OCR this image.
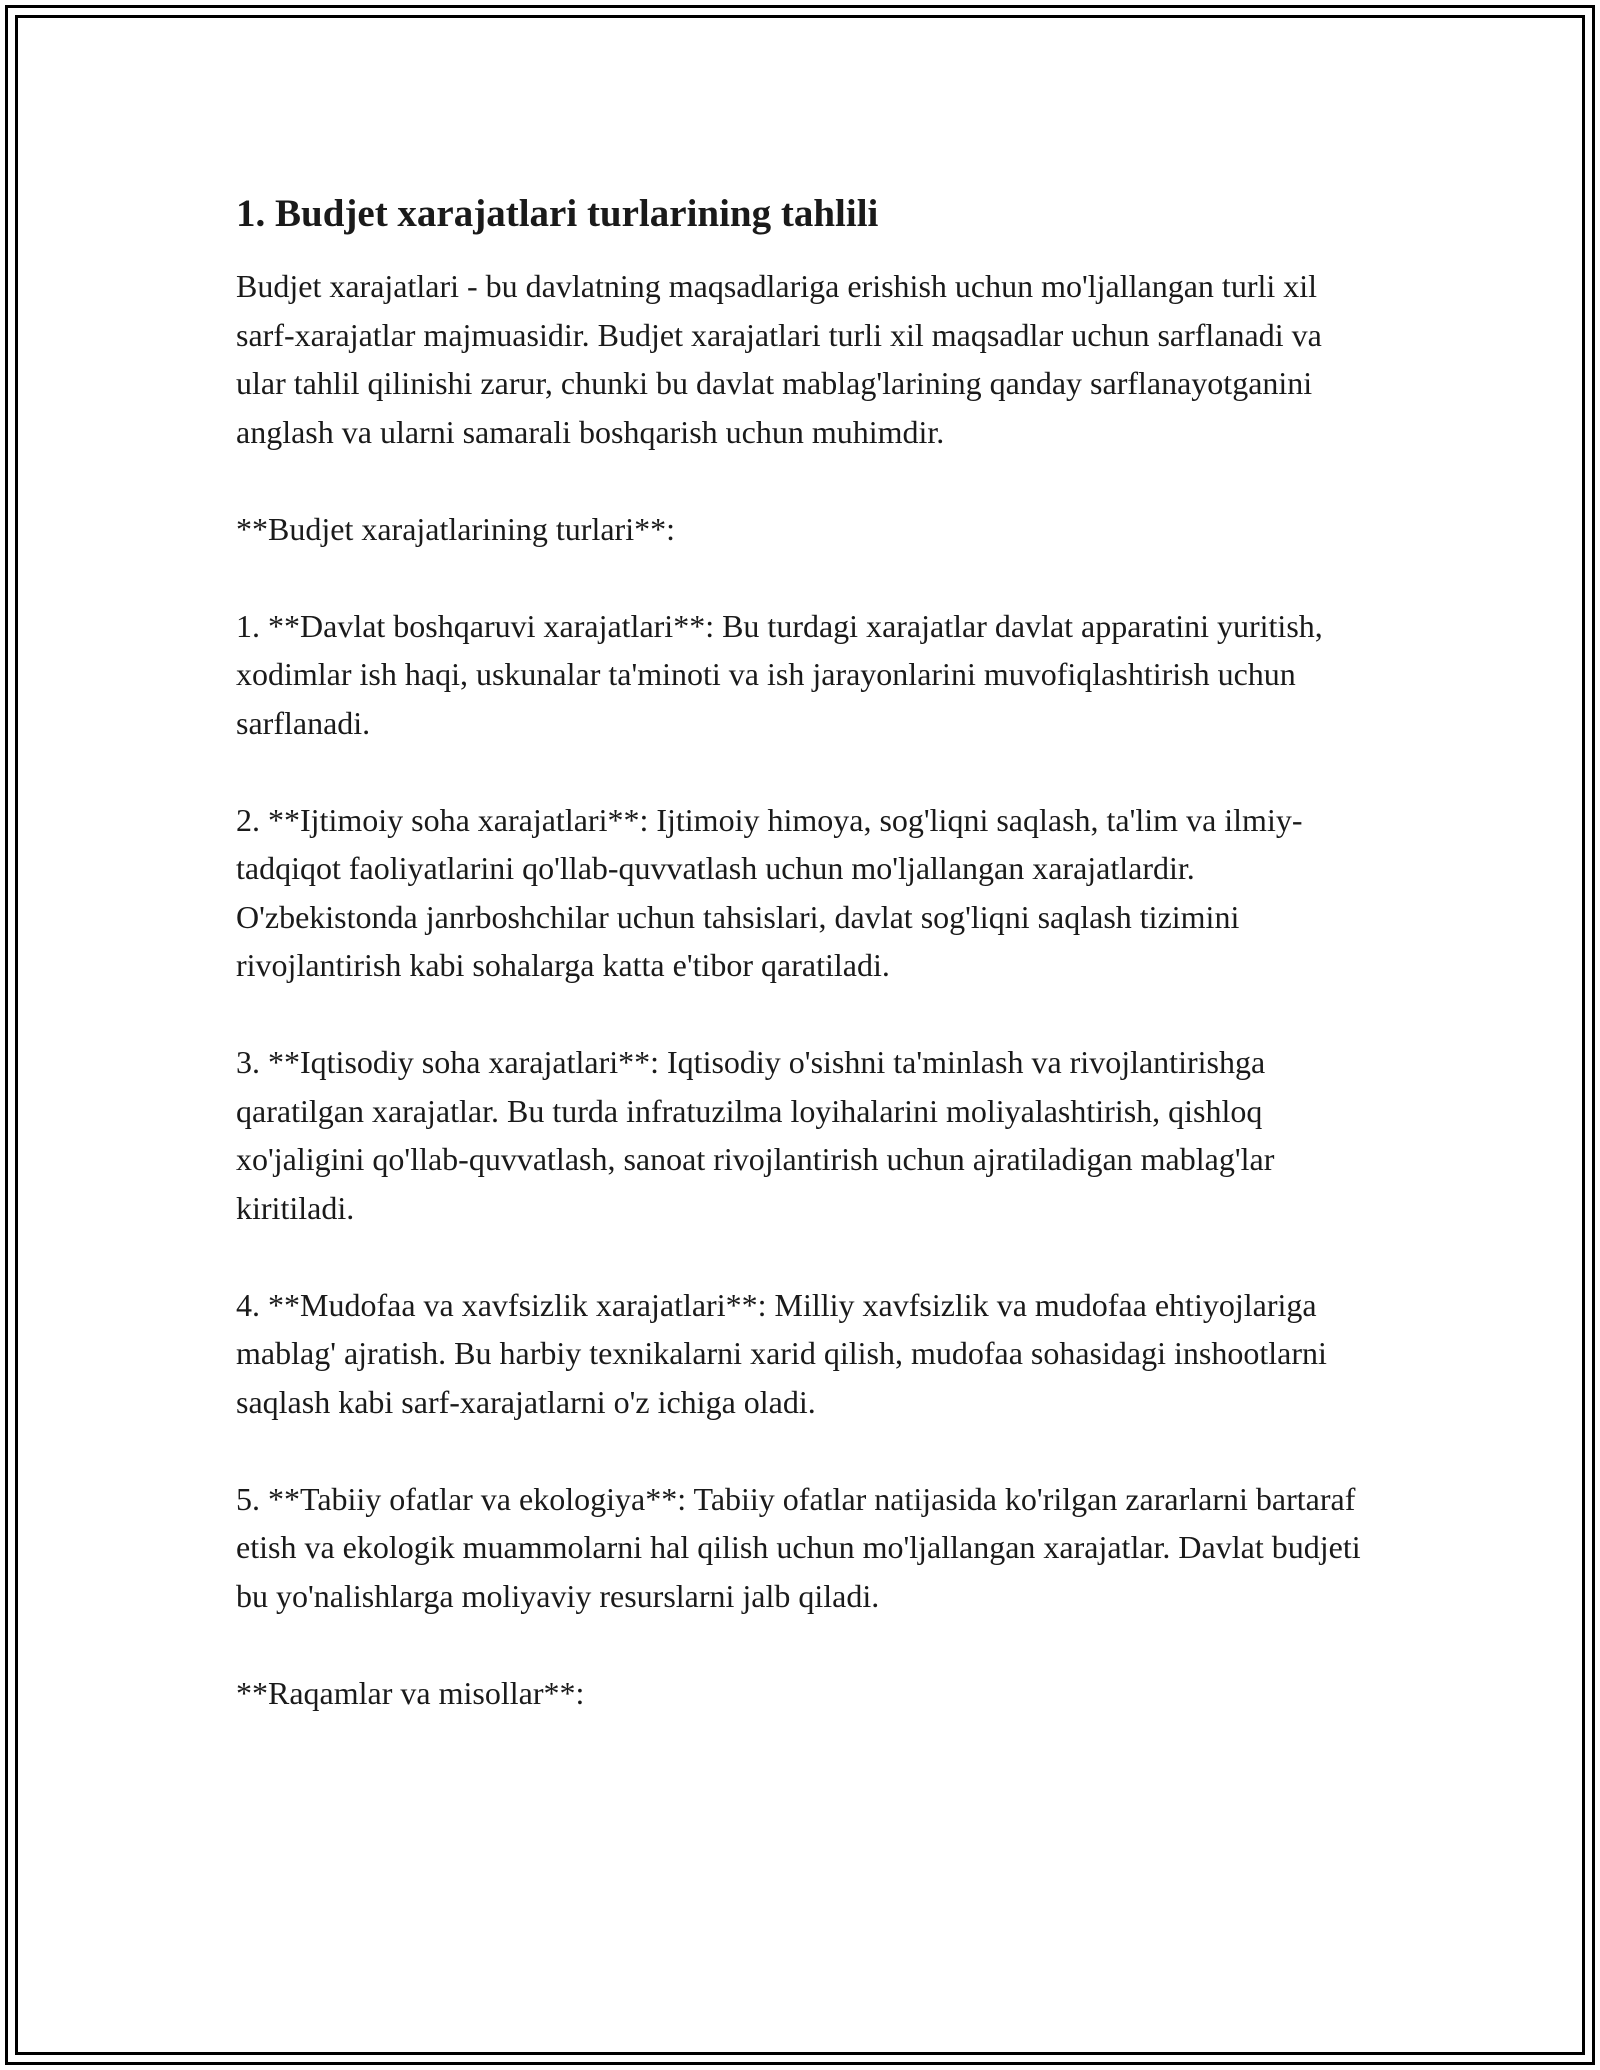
1. Budjet xarajatlari turlarining tahlili

Budjet xarajatlari - bu davlatning maqsadlariga erishish uchun mo'ljallangan turli xil sarf-xarajatlar majmuasidir. Budjet xarajatlari turli xil maqsadlar uchun sarflanadi va ular tahlil qilinishi zarur, chunki bu davlat mablag'larining qanday sarflanayotganini anglash va ularni samarali boshqarish uchun muhimdir.

**Budjet xarajatlarining turlari**:

1. **Davlat boshqaruvi xarajatlari**: Bu turdagi xarajatlar davlat apparatini yuritish, xodimlar ish haqi, uskunalar ta'minoti va ish jarayonlarini muvofiqlashtirish uchun sarflanadi.

2. **Ijtimoiy soha xarajatlari**: Ijtimoiy himoya, sog'liqni saqlash, ta'lim va ilmiy-tadqiqot faoliyatlarini qo'llab-quvvatlash uchun mo'ljallangan xarajatlardir. O'zbekistonda janrboshchilar uchun tahsislari, davlat sog'liqni saqlash tizimini rivojlantirish kabi sohalarga katta e'tibor qaratiladi.

3. **Iqtisodiy soha xarajatlari**: Iqtisodiy o'sishni ta'minlash va rivojlantirishga qaratilgan xarajatlar. Bu turda infratuzilma loyihalarini moliyalashtirish, qishloq xo'jaligini qo'llab-quvvatlash, sanoat rivojlantirish uchun ajratiladigan mablag'lar kiritiladi.

4. **Mudofaa va xavfsizlik xarajatlari**: Milliy xavfsizlik va mudofaa ehtiyojlariga mablag' ajratish. Bu harbiy texnikalarni xarid qilish, mudofaa sohasidagi inshootlarni saqlash kabi sarf-xarajatlarni o'z ichiga oladi.

5. **Tabiiy ofatlar va ekologiya**: Tabiiy ofatlar natijasida ko'rilgan zararlarni bartaraf etish va ekologik muammolarni hal qilish uchun mo'ljallangan xarajatlar. Davlat budjeti bu yo'nalishlarga moliyaviy resurslarni jalb qiladi.

**Raqamlar va misollar**:
